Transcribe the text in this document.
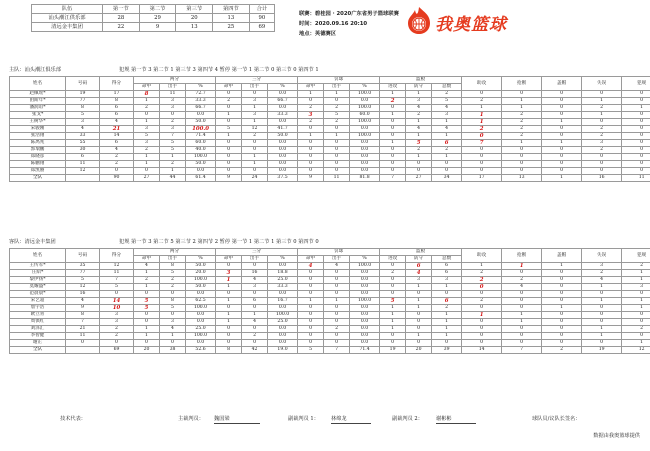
队伍	第一节	第二节	第三节	第四节	合计
汕头潮江供乐部	28	29	20	13	90
清远金丰集团	22	9	13	25	69
联赛：碧桂园 · 2020广东省男子篮球联赛
时间：2020.09.16 20:10
地点：英德赛区	我奥篮球
主队：汕头潮江俱乐部	犯规 第一节 3 第二节 1 第三节 3 第四节 4 暂停 第一节 1 第二节 0 第三节 0 第四节 1
姓名	号码	得分	两分			三分			罚球			篮板			助攻	抢断	盖帽	失误	犯规
			命中	出手	%	命中	出手	%	命中	出手	%	进攻	防守	总数					
赵佩瑶*	19	17	8	11	72.7	0	0	0.0	1	1	100.0	1	1	2	0	0	0	0	0
由斯年*	77	8	1	3	33.3	2	3	66.7	0	0	0.0	2	3	5	2	1	0	1	0
潘润谊*	8	6	2	3	66.7	0	1	0.0	2	2	100.0	0	4	4	1	1	0	2	1
张戈*	5	6	0	0	0.0	1	3	33.3	3	5	60.0	1	2	3	1	2	0	1	0
王树华*	3	4	1	2	50.0	0	1	0.0	2	2	100.0	0	1	1	1	2	1	0	0
宋骏刚	4	21	3	3	100.0	5	12	41.7	0	0	0.0	0	4	4	2	2	0	2	0
张浩翔	33	14	5	7	71.4	1	2	50.0	1	1	100.0	0	1	1	0	2	0	2	0
陈禹兆	55	6	3	5	60.0	0	0	0.0	0	0	0.0	1	5	6	7	1	1	3	0
郭瑞鹏	30	4	2	5	40.0	0	0	0.0	0	0	0.0	0	2	2	0	0	0	2	0
郑晓彦	6	2	1	1	100.0	0	1	0.0	0	0	0.0	0	1	1	0	0	0	0	0
陈鹏翔	11	2	1	2	50.0	0	1	0.0	0	0	0.0	0	0	0	0	0	0	0	0
郑凯丽	12	0	0	1	0.0	0	0	0.0	0	0	0.0	0	0	0	0	0	0	0	0
全队		90	27	44	61.4	9	24	37.5	9	11	81.8	7	27	34	17	13	1	16	11
客队：清远金丰集团	犯规 第一节 3 第二节 5 第三节 2 第四节 2 暂停 第一节 1 第二节 1 第三节 0 第四节 0
姓名	号码	得分	两分			三分			罚球			篮板			助攻	抢断	盖帽	失误	犯规
			命中	出手	%	命中	出手	%	命中	出手	%	进攻	防守	总数					
王传军*	35	12	4	8	50.0	0	0	0.0	4	4	100.0	0	6	6	1	1	1	3	2
庄紹*	77	11	1	5	20.0	3	16	18.8	0	0	0.0	2	4	6	2	0	0	2	1
黎伊扬*	5	7	2	2	100.0	1	4	25.0	0	0	0.0	0	3	3	2	2	0	4	1
莫耀盛*	12	5	1	2	50.0	1	3	33.3	0	0	0.0	0	1	1	0	4	0	1	3
范晨晨*	16	0	0	0	0.0	0	0	0.0	0	0	0.0	0	0	0	0	0	0	0	0
宋艺超	4	14	5	8	62.5	1	6	16.7	1	1	100.0	5	1	6	2	0	0	1	1
詹宇浩	9	10	5	5	100.0	0	0	0.0	0	0	0.0	1	1	2	0	0	1	0	1
欧立青	8	3	0	0	0.0	1	1	100.0	0	0	0.0	1	0	1	1	1	0	0	0
周俱红	7	3	0	3	0.0	1	4	25.0	0	0	0.0	1	0	1	0	1	0	0	0
刘泽汇	21	2	1	4	25.0	0	0	0.0	0	2	0.0	1	0	1	0	0	0	1	2
李智健	11	2	1	1	100.0	0	2	0.0	0	0	0.0	0	1	1	0	0	0	1	0
谢正	0	0	0	0	0.0	0	0	0.0	0	0	0.0	0	0	0	0	0	0	0	1
全队		69	20	38	52.6	8	42	19.0	5	7	71.4	19	20	39	14	7	2	19	12
技术代表：	主裁判员： 魏国梁	副裁判员 1： 林绵龙	副裁判员 2：	谢彬彬	球队员/议队长签名：
数据由我奥篮球提供
